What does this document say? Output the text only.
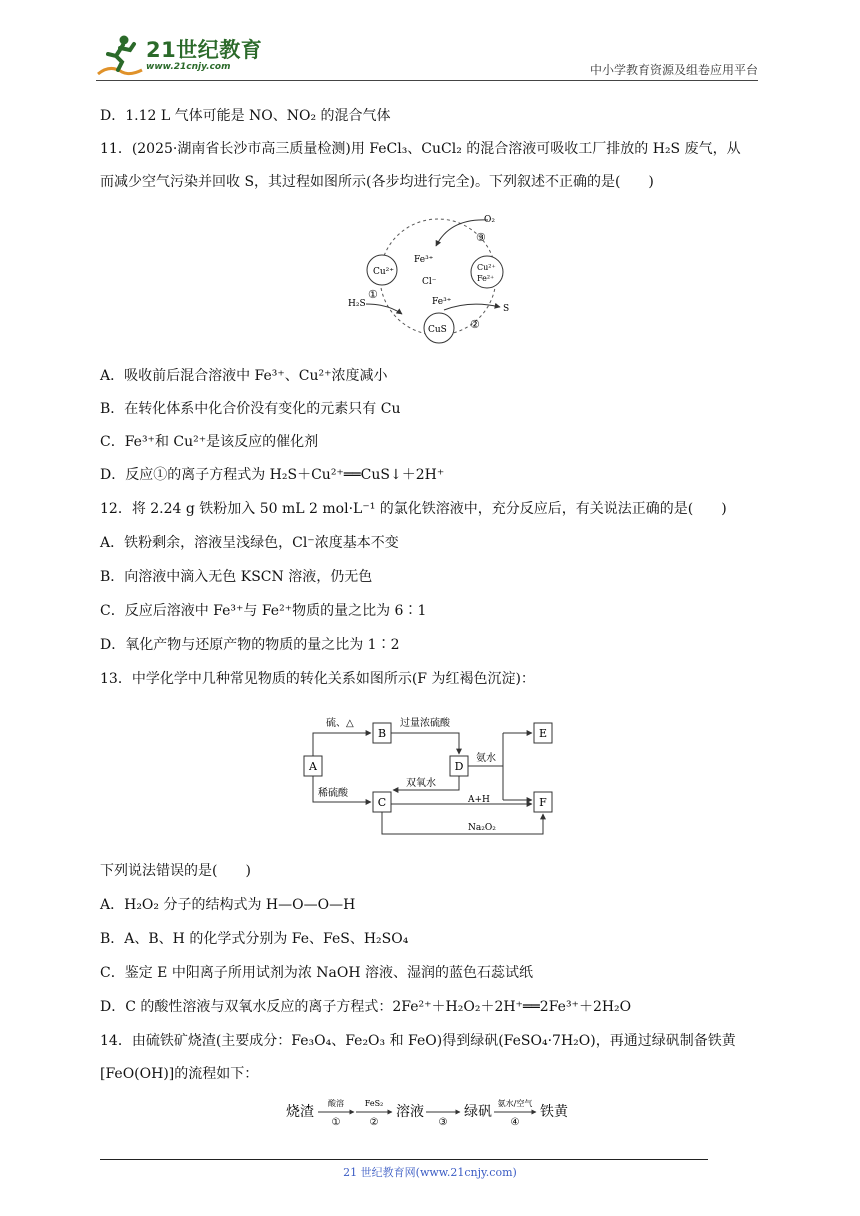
21世纪教育
www.21cnjy.com	中小学教育资源及组卷应用平台
D．1.12 L 气体可能是 NO、NO₂ 的混合气体
11．(2025·湖南省长沙市高三质量检测)用 FeCl₃、CuCl₂ 的混合溶液可吸收工厂排放的 H₂S 废气，从
而减少空气污染并回收 S，其过程如图所示(各步均进行完全)。下列叙述不正确的是(　　)
Cu²⁺	Cu²⁺
Fe²⁺
CuS
O₂
③
Fe³⁺
Cl⁻
H₂S
①
Fe³⁺
S
②
A．吸收前后混合溶液中 Fe³⁺、Cu²⁺浓度减小
B．在转化体系中化合价没有变化的元素只有 Cu
C．Fe³⁺和 Cu²⁺是该反应的催化剂
D．反应①的离子方程式为 H₂S＋Cu²⁺══CuS↓＋2H⁺
12．将 2.24 g 铁粉加入 50 mL 2 mol·L⁻¹ 的氯化铁溶液中，充分反应后，有关说法正确的是(　　)
A．铁粉剩余，溶液呈浅绿色，Cl⁻浓度基本不变
B．向溶液中滴入无色 KSCN 溶液，仍无色
C．反应后溶液中 Fe³⁺与 Fe²⁺物质的量之比为 6∶1
D．氧化产物与还原产物的物质的量之比为 1∶2
13．中学化学中几种常见物质的转化关系如图所示(F 为红褐色沉淀)：
A
B
C
D
E
F
硫、△	过量浓硫酸
氨水
稀硫酸
双氧水
A+H
Na₂O₂
下列说法错误的是(　　)
A．H₂O₂ 分子的结构式为 H—O—O—H
B．A、B、H 的化学式分别为 Fe、FeS、H₂SO₄
C．鉴定 E 中阳离子所用试剂为浓 NaOH 溶液、湿润的蓝色石蕊试纸
D．C 的酸性溶液与双氧水反应的离子方程式：2Fe²⁺＋H₂O₂＋2H⁺══2Fe³⁺＋2H₂O
14．由硫铁矿烧渣(主要成分：Fe₃O₄、Fe₂O₃ 和 FeO)得到绿矾(FeSO₄·7H₂O)，再通过绿矾制备铁黄
[FeO(OH)]的流程如下：
烧渣	溶液	绿矾	铁黄
酸溶
①
FeS₂
②	③
氨水/空气
④
21 世纪教育网(www.21cnjy.com)
